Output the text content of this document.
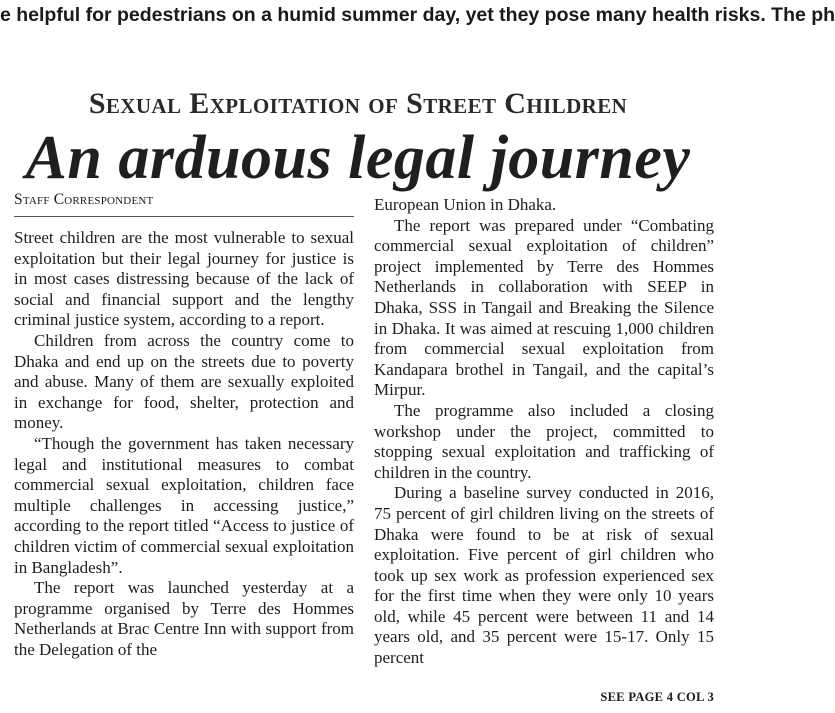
e helpful for pedestrians on a humid summer day, yet they pose many health risks. The ph
Sexual Exploitation of Street Children
An arduous legal journey
Staff Correspondent

Street children are the most vulnerable to sexual exploitation but their legal journey for justice is in most cases distressing because of the lack of social and financial support and the lengthy criminal justice system, according to a report.

Children from across the country come to Dhaka and end up on the streets due to poverty and abuse. Many of them are sexually exploited in exchange for food, shelter, protection and money.

“Though the government has taken necessary legal and institutional measures to combat commercial sexual exploitation, children face multiple challenges in accessing justice,” according to the report titled “Access to justice of children victim of commercial sexual exploitation in Bangladesh”.

The report was launched yesterday at a programme organised by Terre des Hommes Netherlands at Brac Centre Inn with support from the Delegation of the

European Union in Dhaka.

The report was prepared under “Combating commercial sexual exploitation of children” project implemented by Terre des Hommes Netherlands in collaboration with SEEP in Dhaka, SSS in Tangail and Breaking the Silence in Dhaka. It was aimed at rescuing 1,000 children from commercial sexual exploitation from Kandapara brothel in Tangail, and the capital’s Mirpur.

The programme also included a closing workshop under the project, committed to stopping sexual exploitation and trafficking of children in the country.

During a baseline survey conducted in 2016, 75 percent of girl children living on the streets of Dhaka were found to be at risk of sexual exploitation. Five percent of girl children who took up sex work as profession experienced sex for the first time when they were only 10 years old, while 45 percent were between 11 and 14 years old, and 35 percent were 15-17. Only 15 percent

SEE PAGE 4 COL 3
